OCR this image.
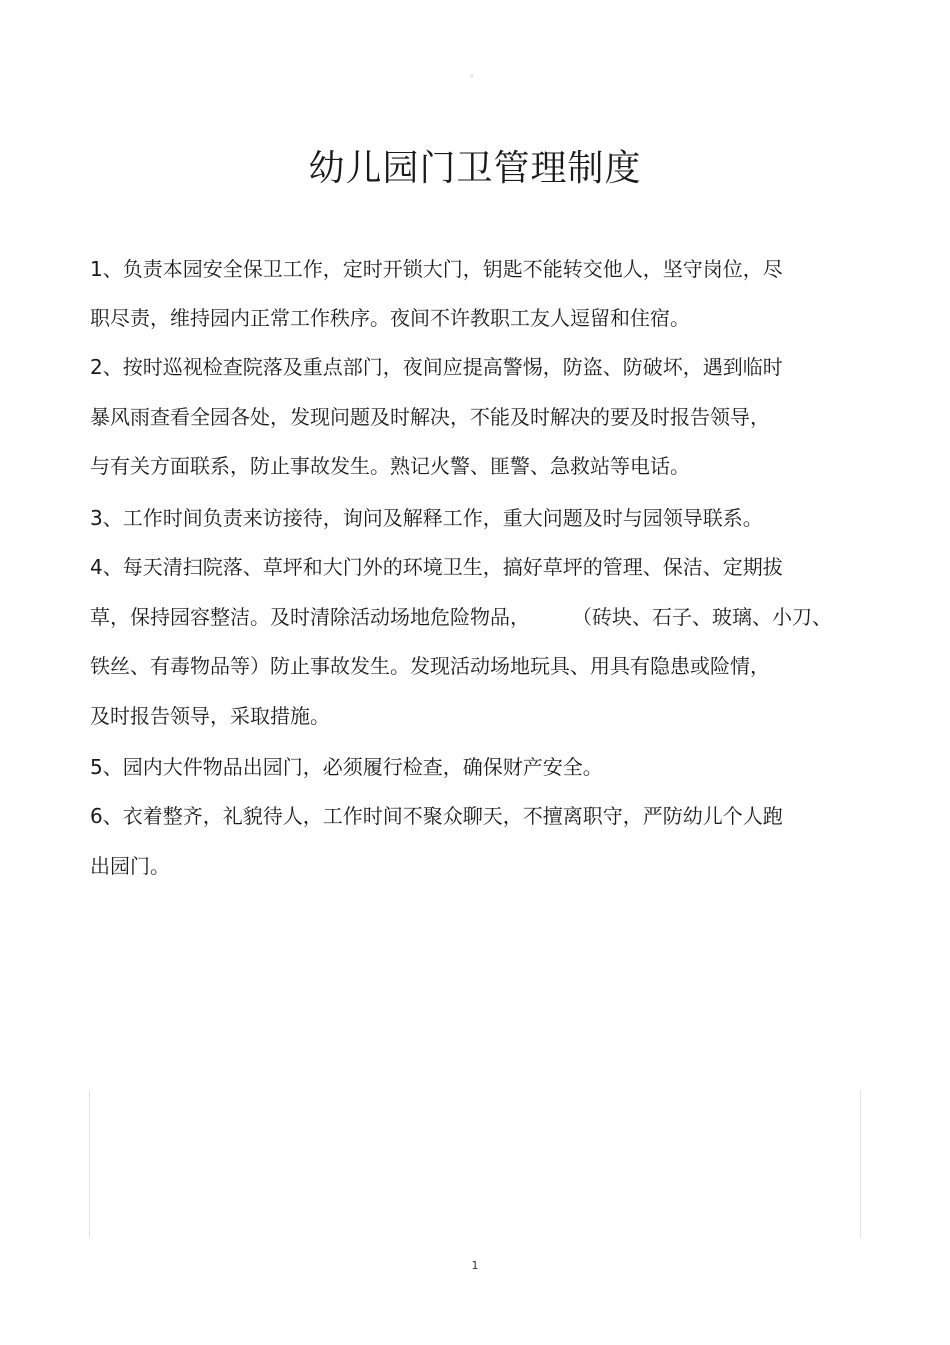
。
幼儿园门卫管理制度
1、负责本园安全保卫工作，定时开锁大门，钥匙不能转交他人，坚守岗位，尽
职尽责，维持园内正常工作秩序。夜间不许教职工友人逗留和住宿。
2、按时巡视检查院落及重点部门，夜间应提高警惕，防盗、防破坏，遇到临时
暴风雨查看全园各处，发现问题及时解决，不能及时解决的要及时报告领导，
与有关方面联系，防止事故发生。熟记火警、匪警、急救站等电话。
3、工作时间负责来访接待，询问及解释工作，重大问题及时与园领导联系。
4、每天清扫院落、草坪和大门外的环境卫生，搞好草坪的管理、保洁、定期拔
草，保持园容整洁。及时清除活动场地危险物品， （砖块、石子、玻璃、小刀、
铁丝、有毒物品等）防止事故发生。发现活动场地玩具、用具有隐患或险情，
及时报告领导，采取措施。
5、园内大件物品出园门，必须履行检查，确保财产安全。
6、衣着整齐，礼貌待人，工作时间不聚众聊天，不擅离职守，严防幼儿个人跑
出园门。
1
